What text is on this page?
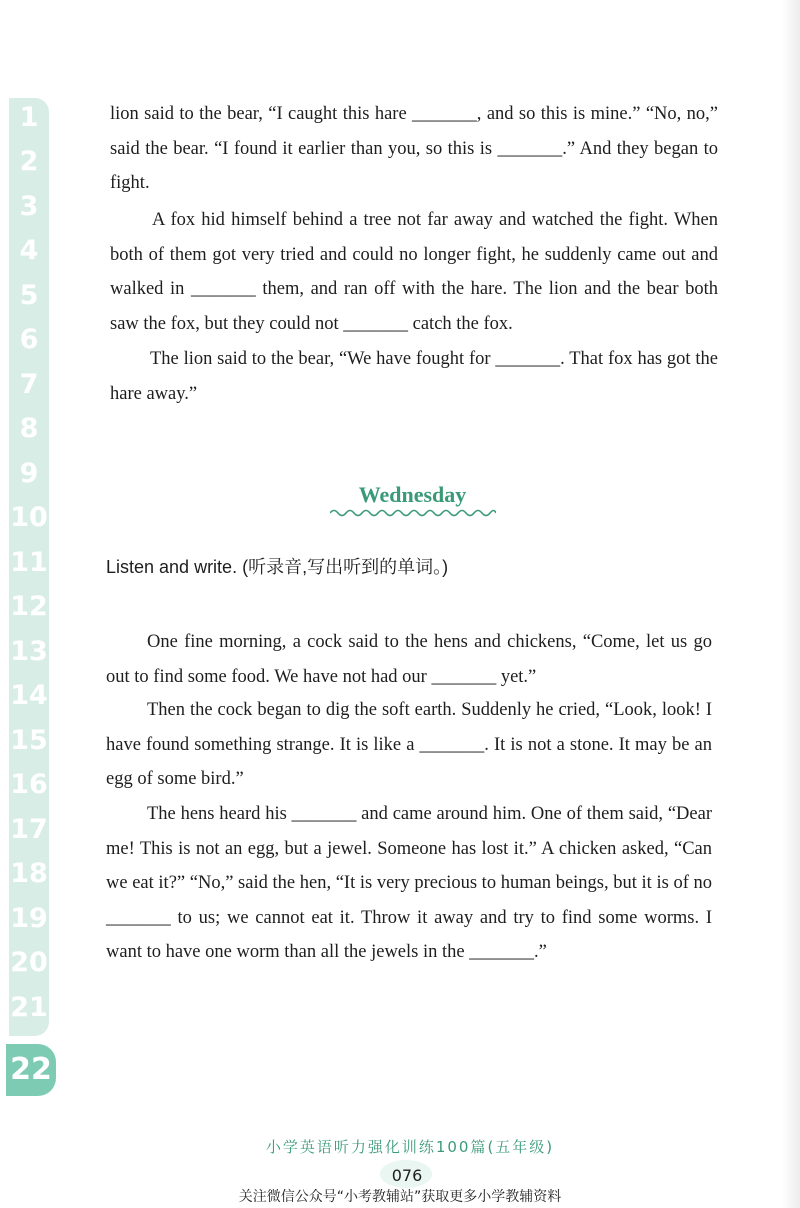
1
2
3
4
5
6
7
8
9
10
11
12
13
14
15
16
17
18
19
20
21
22

lion said to the bear, “I caught this hare _______, and so this is mine.” “No, no,” said the bear. “I found it earlier than you, so this is _______.” And they began to fight.

A fox hid himself behind a tree not far away and watched the fight. When both of them got very tried and could no longer fight, he suddenly came out and walked in _______ them, and ran off with the hare. The lion and the bear both saw the fox, but they could not _______ catch the fox.

The lion said to the bear, “We have fought for _______. That fox has got the hare away.”

Wednesday
Listen and write. (听录音,写出听到的单词。)

One fine morning, a cock said to the hens and chickens, “Come, let us go out to find some food. We have not had our _______ yet.”

Then the cock began to dig the soft earth. Suddenly he cried, “Look, look! I have found something strange. It is like a _______. It is not a stone. It may be an egg of some bird.”

The hens heard his _______ and came around him. One of them said, “Dear me! This is not an egg, but a jewel. Someone has lost it.” A chicken asked, “Can we eat it?” “No,” said the hen, “It is very precious to human beings, but it is of no _______ to us; we cannot eat it. Throw it away and try to find some worms. I want to have one worm than all the jewels in the _______.”

小学英语听力强化训练100篇(五年级)
076
关注微信公众号“小考教辅站”获取更多小学教辅资料
